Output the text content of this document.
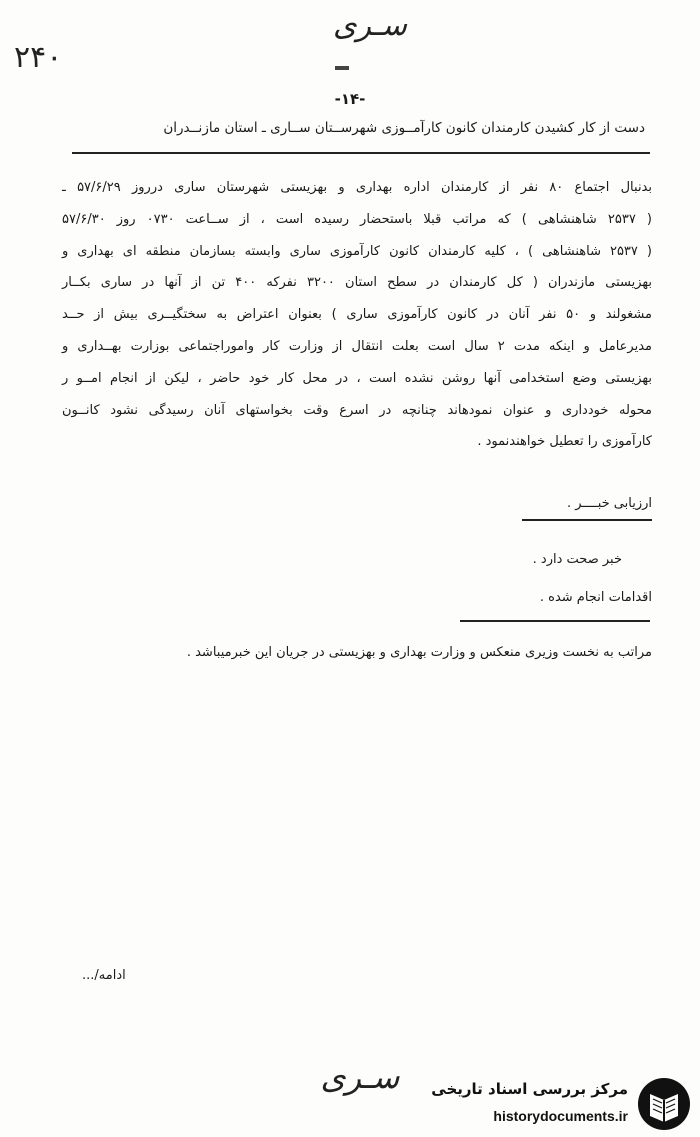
سـری
۲۴۰
-۱۴-
دست از کار کشیدن کارمندان کانون کارآمــوزی شهرســتان ســاری ـ استان مازنــدران
بدنبال اجتماع ۸۰ نفر از کارمندان اداره بهداری و بهزیستی شهرستان ساری درروز ۵۷/۶/۲۹ ـ
( ۲۵۳۷ شاهنشاهی ) که مراتب قبلا باستحضار رسیده است ، از ســاعت ۰۷۳۰ روز ۵۷/۶/۳۰
( ۲۵۳۷ شاهنشاهی ) ، کلیه کارمندان کانون کارآموزی ساری وابسته بسازمان منطقه ای بهداری و
بهزیستی مازندران ( کل کارمندان در سطح استان ۳۲۰۰ نفرکه ۴۰۰ تن از آنها در ساری بکــار
مشغولند و ۵۰ نفر آنان در کانون کارآموزی ساری ) بعنوان اعتراض به سختگیــری بیش از حــد
مدیرعامل و اینکه مدت ۲ سال است بعلت انتقال از وزارت کار واموراجتماعی بوزارت بهــداری و
بهزیستی وضع استخدامی آنها روشن نشده است ، در محل کار خود حاضر ، لیکن از انجام امــو ر
محوله خودداری و عنوان نمودهاند چنانچه در اسرع وقت بخواستهای آنان رسیدگی نشود کانــون
کارآموزی را تعطیل خواهندنمود .
ارزیابی خبــــر .
خبر صحت دارد .
اقدامات انجام شده .
مراتب به نخست وزیری منعکس و وزارت بهداری و بهزیستی در جریان این خبرمیباشد .
ادامه/...
سـری	مرکز بررسی اسناد تاریخی
historydocuments.ir
